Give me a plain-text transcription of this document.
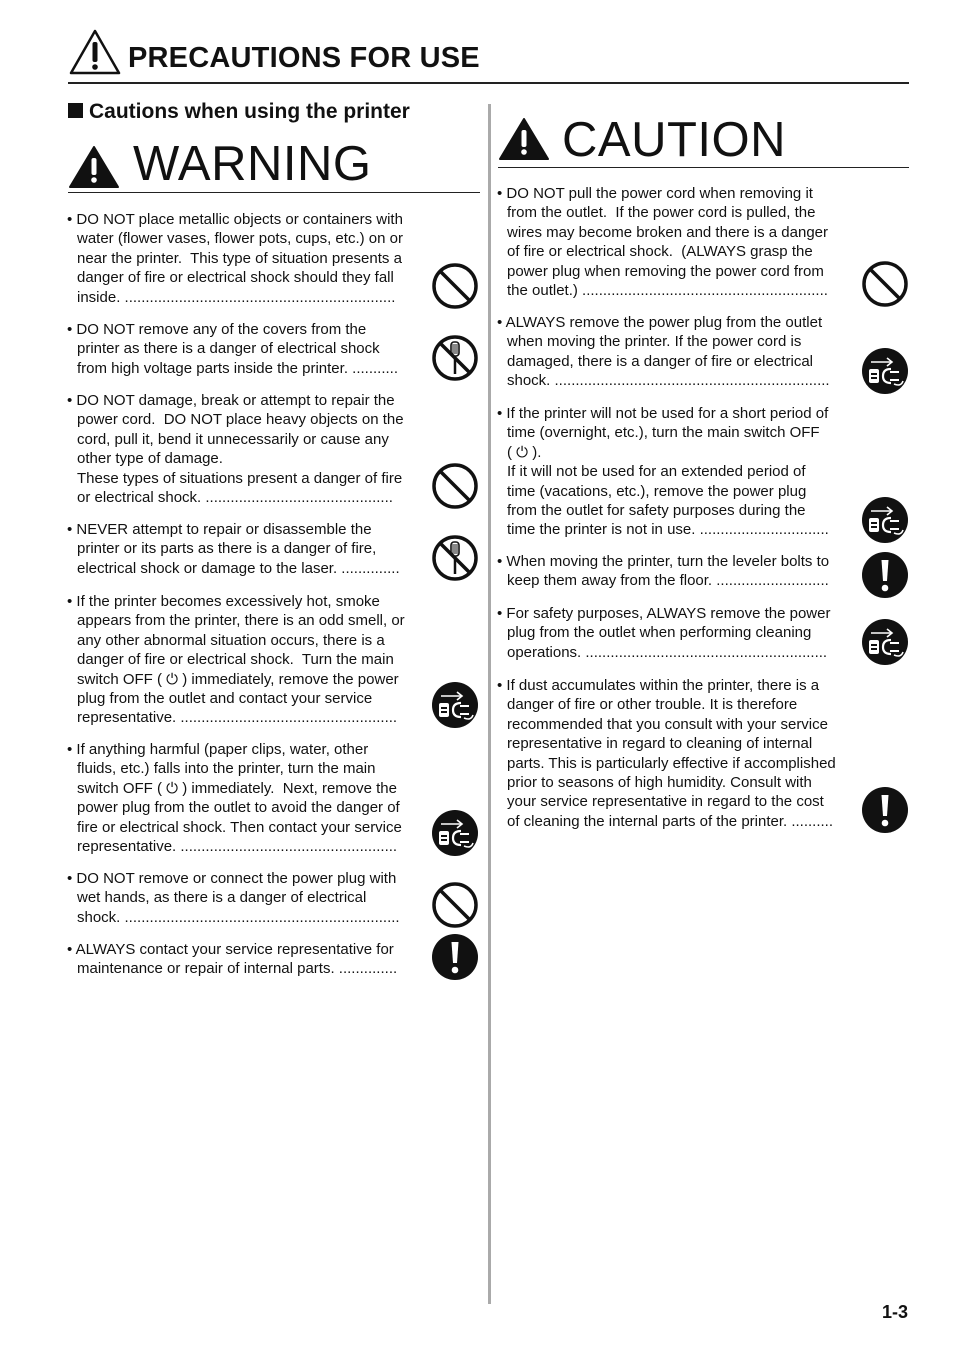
PRECAUTIONS FOR USE
Cautions when using the printer
WARNING	CAUTION
• DO NOT place metallic objects or containers with
water (flower vases, flower pots, cups, etc.) on or
near the printer.  This type of situation presents a
danger of fire or electrical shock should they fall
inside. .................................................................
• DO NOT remove any of the covers from the
printer as there is a danger of electrical shock
from high voltage parts inside the printer. ...........
• DO NOT damage, break or attempt to repair the
power cord.  DO NOT place heavy objects on the
cord, pull it, bend it unnecessarily or cause any
other type of damage.
These types of situations present a danger of fire
or electrical shock. .............................................
• NEVER attempt to repair or disassemble the
printer or its parts as there is a danger of fire,
electrical shock or damage to the laser. ..............
• If the printer becomes excessively hot, smoke
appears from the printer, there is an odd smell, or
any other abnormal situation occurs, there is a
danger of fire or electrical shock.  Turn the main
switch OFF ( ⏻ ) immediately, remove the power
plug from the outlet and contact your service
representative. ....................................................
• If anything harmful (paper clips, water, other
fluids, etc.) falls into the printer, turn the main
switch OFF ( ⏻ ) immediately.  Next, remove the
power plug from the outlet to avoid the danger of
fire or electrical shock. Then contact your service
representative. ....................................................
• DO NOT remove or connect the power plug with
wet hands, as there is a danger of electrical
shock. ..................................................................
• ALWAYS contact your service representative for
maintenance or repair of internal parts. ..............
• DO NOT pull the power cord when removing it
from the outlet.  If the power cord is pulled, the
wires may become broken and there is a danger
of fire or electrical shock.  (ALWAYS grasp the
power plug when removing the power cord from
the outlet.) ...........................................................
• ALWAYS remove the power plug from the outlet
when moving the printer. If the power cord is
damaged, there is a danger of fire or electrical
shock. ..................................................................
• If the printer will not be used for a short period of
time (overnight, etc.), turn the main switch OFF
( ⏻ ).
If it will not be used for an extended period of
time (vacations, etc.), remove the power plug
from the outlet for safety purposes during the
time the printer is not in use. ...............................
• When moving the printer, turn the leveler bolts to
keep them away from the floor. ...........................
• For safety purposes, ALWAYS remove the power
plug from the outlet when performing cleaning
operations. ..........................................................
• If dust accumulates within the printer, there is a
danger of fire or other trouble. It is therefore
recommended that you consult with your service
representative in regard to cleaning of internal
parts. This is particularly effective if accomplished
prior to seasons of high humidity. Consult with
your service representative in regard to the cost
of cleaning the internal parts of the printer. ..........
1-3
